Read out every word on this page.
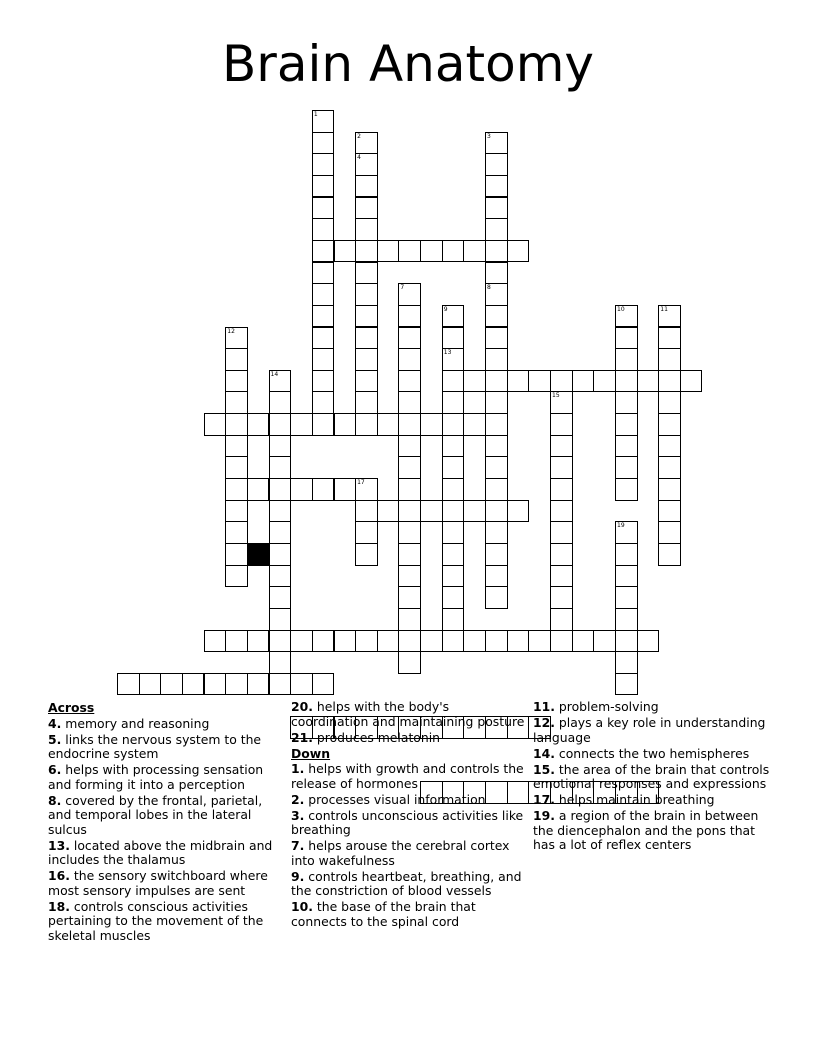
Brain Anatomy
17
1
2
4
3
8
7
9
13
10	11
12
14
15
19
Across
4. memory and reasoning
5. links the nervous system to the endocrine system
6. helps with processing sensation and forming it into a perception
8. covered by the frontal, parietal, and temporal lobes in the lateral sulcus
13. located above the midbrain and includes the thalamus
16. the sensory switchboard where most sensory impulses are sent
18. controls conscious activities pertaining to the movement of the skeletal muscles
20. helps with the body's coordination and maintaining posture
21. produces melatonin
Down
1. helps with growth and controls the release of hormones
2. processes visual information
3. controls unconscious activities like breathing
7. helps arouse the cerebral cortex into wakefulness
9. controls heartbeat, breathing, and the constriction of blood vessels
10. the base of the brain that connects to the spinal cord
11. problem-solving
12. plays a key role in understanding language
14. connects the two hemispheres
15. the area of the brain that controls emotional responses and expressions
17. helps maintain breathing
19. a region of the brain in between the diencephalon and the pons that has a lot of reflex centers
